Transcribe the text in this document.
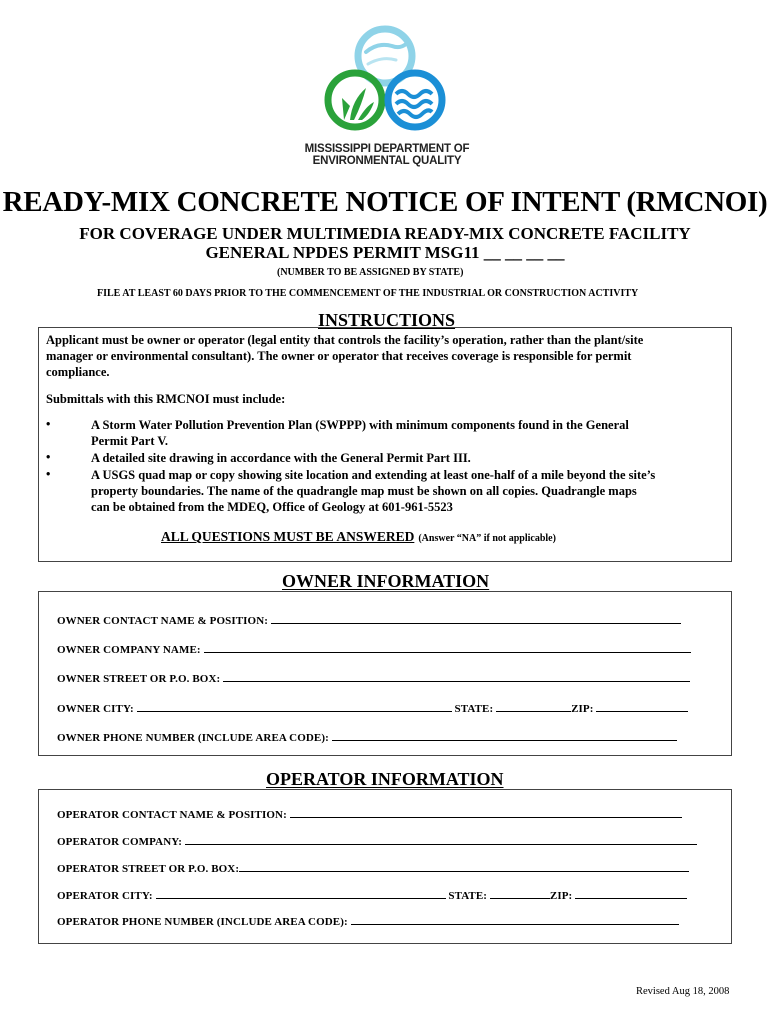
MISSISSIPPI DEPARTMENT OF
ENVIRONMENTAL QUALITY
READY-MIX CONCRETE NOTICE OF INTENT (RMCNOI)
FOR COVERAGE UNDER MULTIMEDIA READY-MIX CONCRETE FACILITY
GENERAL NPDES PERMIT MSG11 __ __ __ __
(NUMBER TO BE ASSIGNED BY STATE)
FILE AT LEAST 60 DAYS PRIOR TO THE COMMENCEMENT OF THE INDUSTRIAL OR CONSTRUCTION ACTIVITY
INSTRUCTIONS
Applicant must be owner or operator (legal entity that controls the facility’s operation, rather than the plant/site
manager or environmental consultant). The owner or operator that receives coverage is responsible for permit
compliance.
Submittals with this RMCNOI must include:
•	A Storm Water Pollution Prevention Plan (SWPPP) with minimum components found in the General
Permit Part V.
•	A detailed site drawing in accordance with the General Permit Part III.
•	A USGS quad map or copy showing site location and extending at least one-half of a mile beyond the site’s
property boundaries. The name of the quadrangle map must be shown on all copies. Quadrangle maps
can be obtained from the MDEQ, Office of Geology at 601-961-5523
ALL QUESTIONS MUST BE ANSWERED (Answer “NA” if not applicable)
OWNER INFORMATION
OWNER CONTACT NAME & POSITION:
OWNER COMPANY NAME:
OWNER STREET OR P.O. BOX:
OWNER CITY:	STATE:	ZIP:
OWNER PHONE NUMBER (INCLUDE AREA CODE):
OPERATOR INFORMATION
OPERATOR CONTACT NAME & POSITION:
OPERATOR COMPANY:
OPERATOR STREET OR P.O. BOX:
OPERATOR CITY:	STATE:	ZIP:
OPERATOR PHONE NUMBER (INCLUDE AREA CODE):
Revised Aug 18, 2008
